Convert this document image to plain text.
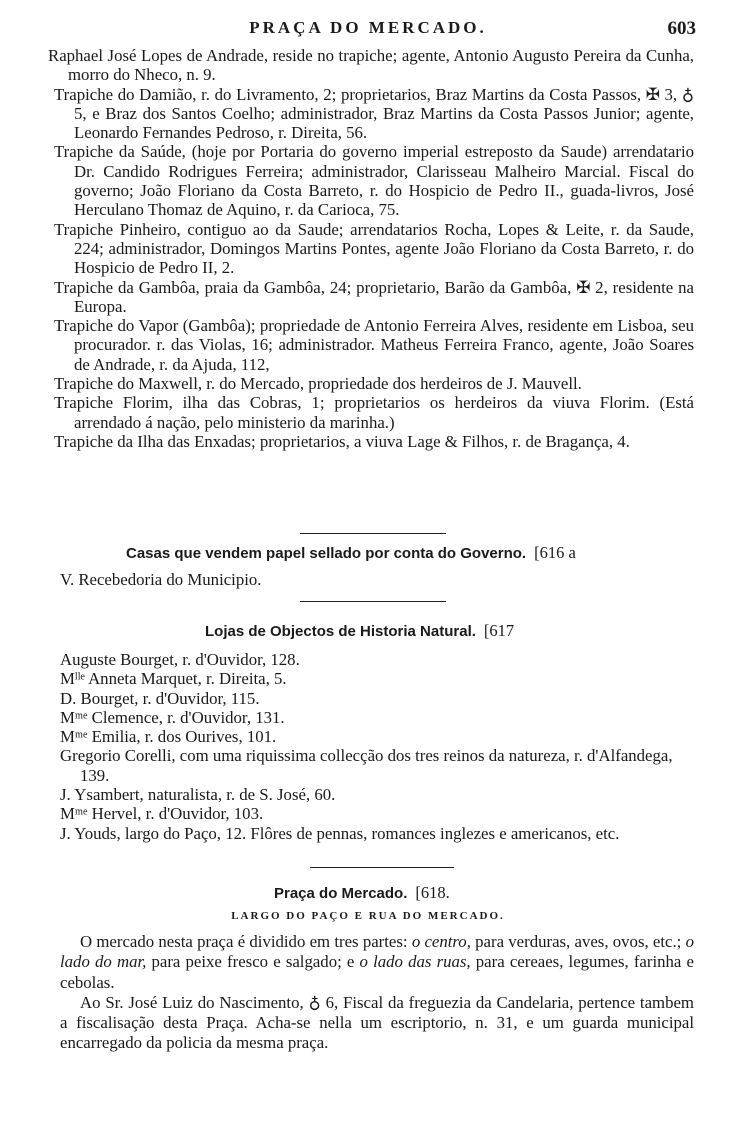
PRAÇA DO MERCADO.	603

Raphael José Lopes de Andrade, reside no trapiche; agente, Antonio Augusto Pereira da Cunha, morro do Nheco, n. 9.

Trapiche do Damião, r. do Livramento, 2; proprietarios, Braz Martins da Costa Passos, ✠ 3, ♁ 5, e Braz dos Santos Coelho; administrador, Braz Martins da Costa Passos Junior; agente, Leonardo Fernandes Pedroso, r. Direita, 56.

Trapiche da Saúde, (hoje por Portaria do governo imperial estreposto da Saude) arrendatario Dr. Candido Rodrigues Ferreira; administrador, Clarisseau Malheiro Marcial. Fiscal do governo; João Floriano da Costa Barreto, r. do Hospicio de Pedro II., guada-livros, José Herculano Thomaz de Aquino, r. da Carioca, 75.

Trapiche Pinheiro, contiguo ao da Saude; arrendatarios Rocha, Lopes & Leite, r. da Saude, 224; administrador, Domingos Martins Pontes, agente João Floriano da Costa Barreto, r. do Hospicio de Pedro II, 2.

Trapiche da Gambôa, praia da Gambôa, 24; proprietario, Barão da Gambôa, ✠ 2, residente na Europa.

Trapiche do Vapor (Gambôa); propriedade de Antonio Ferreira Alves, residente em Lisboa, seu procurador. r. das Violas, 16; administrador. Matheus Ferreira Franco, agente, João Soares de Andrade, r. da Ajuda, 112,

Trapiche do Maxwell, r. do Mercado, propriedade dos herdeiros de J. Mauvell.

Trapiche Florim, ilha das Cobras, 1; proprietarios os herdeiros da viuva Florim. (Está arrendado á nação, pelo ministerio da marinha.)

Trapiche da Ilha das Enxadas; proprietarios, a viuva Lage & Filhos, r. de Bragança, 4.

Casas que vendem papel sellado por conta do Governo. [616 a
V. Recebedoria do Municipio.
Lojas de Objectos de Historia Natural. [617

Auguste Bourget, r. d'Ouvidor, 128.

Mˡˡᵉ Anneta Marquet, r. Direita, 5.

D. Bourget, r. d'Ouvidor, 115.

Mᵐᵉ Clemence, r. d'Ouvidor, 131.

Mᵐᵉ Emilia, r. dos Ourives, 101.

Gregorio Corelli, com uma riquissima collecção dos tres reinos da natureza, r. d'Alfandega, 139.

J. Ysambert, naturalista, r. de S. José, 60.

Mᵐᵉ Hervel, r. d'Ouvidor, 103.

J. Youds, largo do Paço, 12. Flôres de pennas, romances inglezes e americanos, etc.

Praça do Mercado. [618.
LARGO DO PAÇO E RUA DO MERCADO.

O mercado nesta praça é dividido em tres partes: o centro, para verduras, aves, ovos, etc.; o lado do mar, para peixe fresco e salgado; e o lado das ruas, para cereaes, legumes, farinha e cebolas.

Ao Sr. José Luiz do Nascimento, ♁ 6, Fiscal da freguezia da Candelaria, pertence tambem a fiscalisação desta Praça. Acha-se nella um escriptorio, n. 31, e um guarda municipal encarregado da policia da mesma praça.
